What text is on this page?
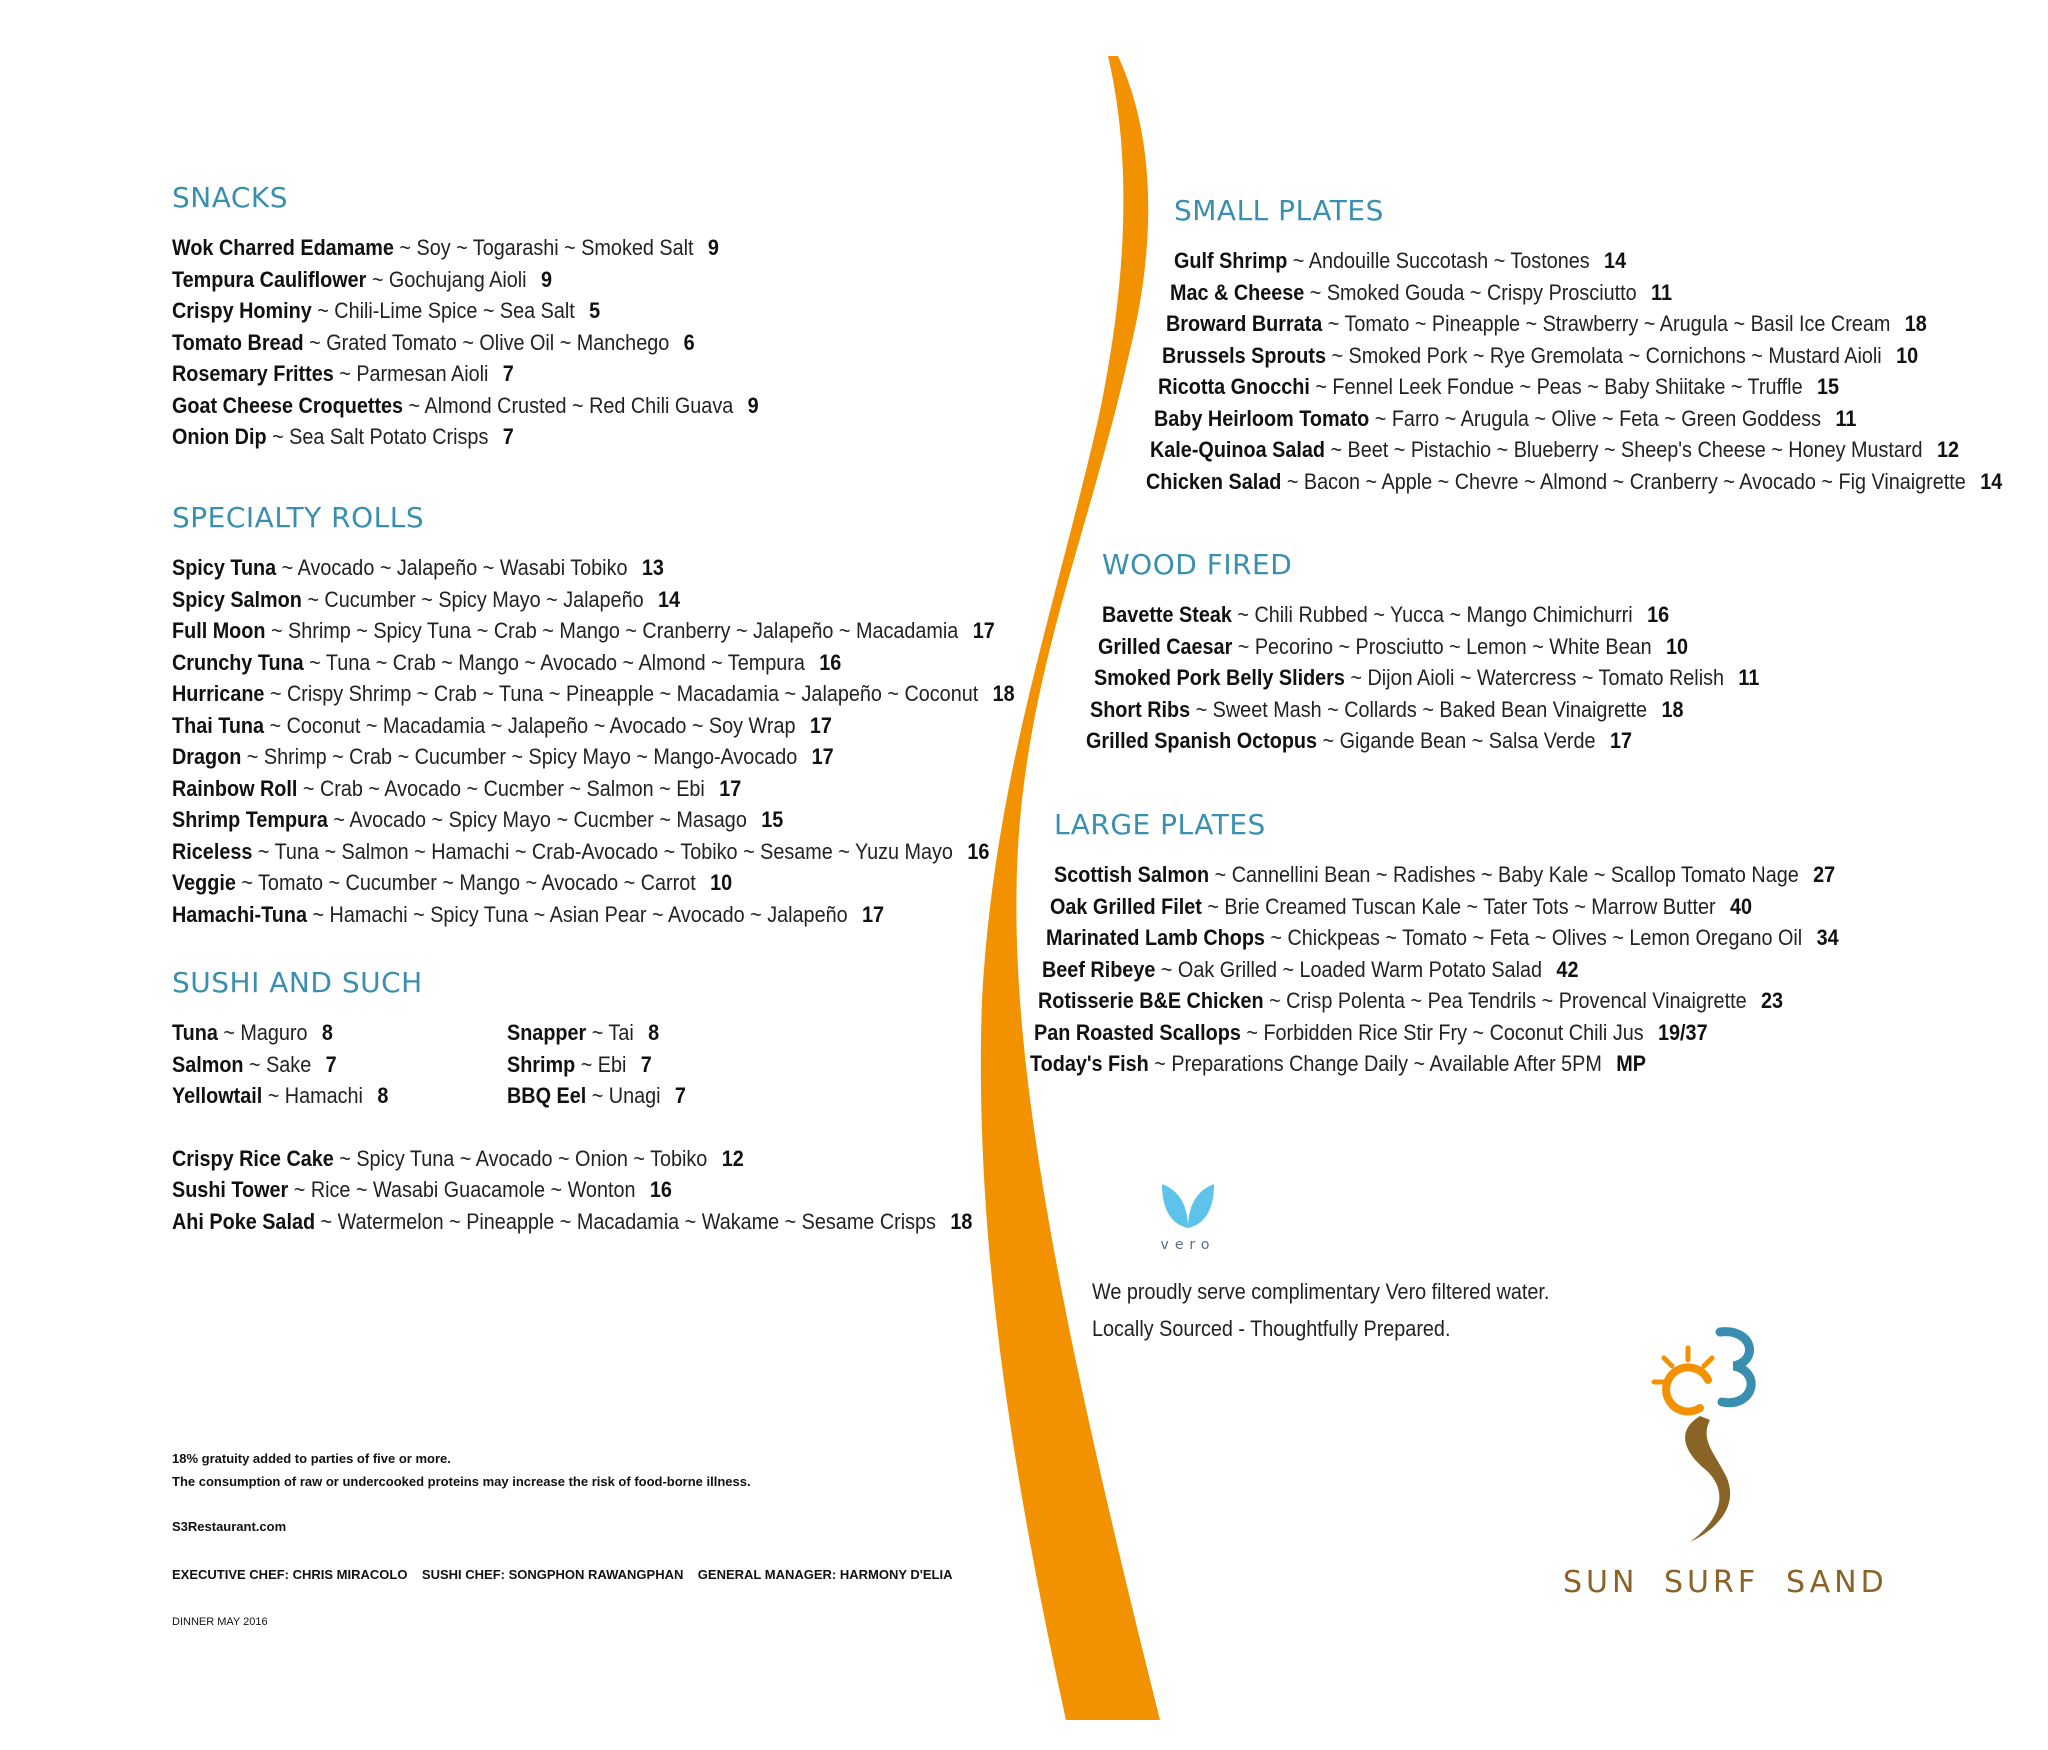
SNACKS
Wok Charred Edamame ~ Soy ~ Togarashi ~ Smoked Salt 9
Tempura Cauliflower ~ Gochujang Aioli 9
Crispy Hominy ~ Chili-Lime Spice ~ Sea Salt 5
Tomato Bread ~ Grated Tomato ~ Olive Oil ~ Manchego 6
Rosemary Frittes ~ Parmesan Aioli 7
Goat Cheese Croquettes ~ Almond Crusted ~ Red Chili Guava 9
Onion Dip ~ Sea Salt Potato Crisps 7
SPECIALTY ROLLS
Spicy Tuna ~ Avocado ~ Jalapeño ~ Wasabi Tobiko 13
Spicy Salmon ~ Cucumber ~ Spicy Mayo ~ Jalapeño 14
Full Moon ~ Shrimp ~ Spicy Tuna ~ Crab ~ Mango ~ Cranberry ~ Jalapeño ~ Macadamia 17
Crunchy Tuna ~ Tuna ~ Crab ~ Mango ~ Avocado ~ Almond ~ Tempura 16
Hurricane ~ Crispy Shrimp ~ Crab ~ Tuna ~ Pineapple ~ Macadamia ~ Jalapeño ~ Coconut 18
Thai Tuna ~ Coconut ~ Macadamia ~ Jalapeño ~ Avocado ~ Soy Wrap 17
Dragon ~ Shrimp ~ Crab ~ Cucumber ~ Spicy Mayo ~ Mango-Avocado 17
Rainbow Roll ~ Crab ~ Avocado ~ Cucmber ~ Salmon ~ Ebi 17
Shrimp Tempura ~ Avocado ~ Spicy Mayo ~ Cucmber ~ Masago 15
Riceless ~ Tuna ~ Salmon ~ Hamachi ~ Crab-Avocado ~ Tobiko ~ Sesame ~ Yuzu Mayo 16
Veggie ~ Tomato ~ Cucumber ~ Mango ~ Avocado ~ Carrot 10
Hamachi-Tuna ~ Hamachi ~ Spicy Tuna ~ Asian Pear ~ Avocado ~ Jalapeño 17
SUSHI AND SUCH
Tuna ~ Maguro 8	Snapper ~ Tai 8
Salmon ~ Sake 7	Shrimp ~ Ebi 7
Yellowtail ~ Hamachi 8	BBQ Eel ~ Unagi 7
Crispy Rice Cake ~ Spicy Tuna ~ Avocado ~ Onion ~ Tobiko 12
Sushi Tower ~ Rice ~ Wasabi Guacamole ~ Wonton 16
Ahi Poke Salad ~ Watermelon ~ Pineapple ~ Macadamia ~ Wakame ~ Sesame Crisps 18
18% gratuity added to parties of five or more.
The consumption of raw or undercooked proteins may increase the risk of food-borne illness.
S3Restaurant.com
EXECUTIVE CHEF: CHRIS MIRACOLO    SUSHI CHEF: SONGPHON RAWANGPHAN    GENERAL MANAGER: HARMONY D'ELIA
DINNER MAY 2016
SMALL PLATES
Gulf Shrimp ~ Andouille Succotash ~ Tostones 14
Mac & Cheese ~ Smoked Gouda ~ Crispy Prosciutto 11
Broward Burrata ~ Tomato ~ Pineapple ~ Strawberry ~ Arugula ~ Basil Ice Cream 18
Brussels Sprouts ~ Smoked Pork ~ Rye Gremolata ~ Cornichons ~ Mustard Aioli 10
Ricotta Gnocchi ~ Fennel Leek Fondue ~ Peas ~ Baby Shiitake ~ Truffle 15
Baby Heirloom Tomato ~ Farro ~ Arugula ~ Olive ~ Feta ~ Green Goddess 11
Kale-Quinoa Salad ~ Beet ~ Pistachio ~ Blueberry ~ Sheep's Cheese ~ Honey Mustard 12
Chicken Salad ~ Bacon ~ Apple ~ Chevre ~ Almond ~ Cranberry ~ Avocado ~ Fig Vinaigrette 14
WOOD FIRED
Bavette Steak ~ Chili Rubbed ~ Yucca ~ Mango Chimichurri 16
Grilled Caesar ~ Pecorino ~ Prosciutto ~ Lemon ~ White Bean 10
Smoked Pork Belly Sliders ~ Dijon Aioli ~ Watercress ~ Tomato Relish 11
Short Ribs ~ Sweet Mash ~ Collards ~ Baked Bean Vinaigrette 18
Grilled Spanish Octopus ~ Gigande Bean ~ Salsa Verde 17
LARGE PLATES
Scottish Salmon ~ Cannellini Bean ~ Radishes ~ Baby Kale ~ Scallop Tomato Nage 27
Oak Grilled Filet ~ Brie Creamed Tuscan Kale ~ Tater Tots ~ Marrow Butter 40
Marinated Lamb Chops ~ Chickpeas ~ Tomato ~ Feta ~ Olives ~ Lemon Oregano Oil 34
Beef Ribeye ~ Oak Grilled ~ Loaded Warm Potato Salad 42
Rotisserie B&E Chicken ~ Crisp Polenta ~ Pea Tendrils ~ Provencal Vinaigrette 23
Pan Roasted Scallops ~ Forbidden Rice Stir Fry ~ Coconut Chili Jus 19/37
Today's Fish ~ Preparations Change Daily ~ Available After 5PM MP
vero
We proudly serve complimentary Vero filtered water.
Locally Sourced - Thoughtfully Prepared.
SUN SURF SAND
